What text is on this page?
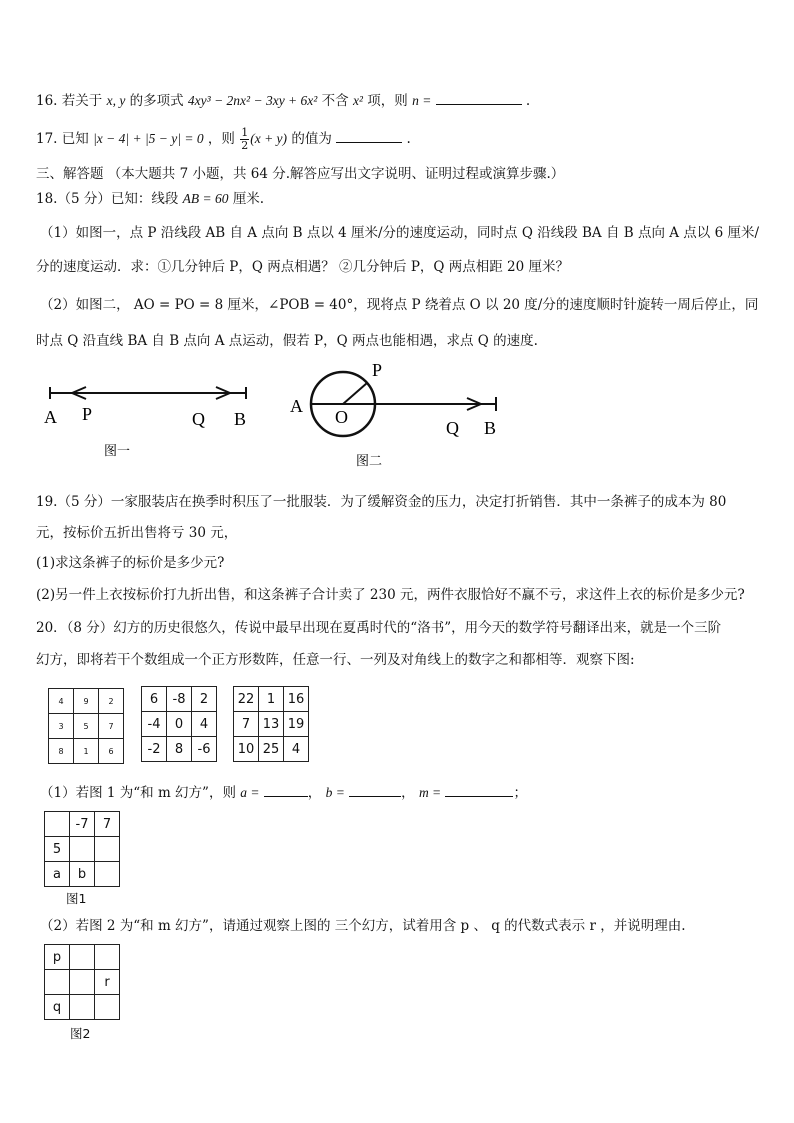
16. 若关于 x, y 的多项式 4xy³ − 2nx² − 3xy + 6x² 不含 x² 项，则 n =	.
17. 已知 |x − 4| + |5 − y| = 0 ，则 $\frac{1}{2} (x + y)$ 的值为	.
三、解答题 （本大题共 7 小题，共 64 分.解答应写出文字说明、证明过程或演算步骤.）
18.（5 分）已知：线段 AB = 60 厘米.
（1）如图一，点 P 沿线段 AB 自 A 点向 B 点以 4 厘米/分的速度运动，同时点 Q 沿线段 BA 自 B 点向 A 点以 6 厘米/
分的速度运动．求：①几分钟后 P，Q 两点相遇？ ②几分钟后 P，Q 两点相距 20 厘米？
（2）如图二， AO = PO = 8 厘米，∠POB = 40°，现将点 P 绕着点 O 以 20 度/分的速度顺时针旋转一周后停止，同
时点 Q 沿直线 BA 自 B 点向 A 点运动，假若 P，Q 两点也能相遇，求点 Q 的速度.
A P	Q B
图一
A
O
P
Q B
图二
19.（5 分）一家服装店在换季时积压了一批服装．为了缓解资金的压力，决定打折销售．其中一条裤子的成本为 80
元，按标价五折出售将亏 30 元，
(1)求这条裤子的标价是多少元?
(2)另一件上衣按标价打九折出售，和这条裤子合计卖了 230 元，两件衣服恰好不赢不亏，求这件上衣的标价是多少元?
20．（8 分）幻方的历史很悠久，传说中最早出现在夏禹时代的“洛书”，用今天的数学符号翻译出来，就是一个三阶
幻方，即将若干个数组成一个正方形数阵，任意一行、一列及对角线上的数字之和都相等．观察下图:
4	9	2
3	5	7
8	1	6
6	-8	2
-4	0	4
-2	8	-6
22	1	16
7	13	19
10	25	4
（1）若图 1 为“和 m 幻方”，则 a =	， b =	， m =	；
	-7	7
5		
a	b	
图1
（2）若图 2 为“和 m 幻方”，请通过观察上图的 三个幻方，试着用含 p 、 q 的代数式表示 r ，并说明理由.
p		
		r
q		
图2
